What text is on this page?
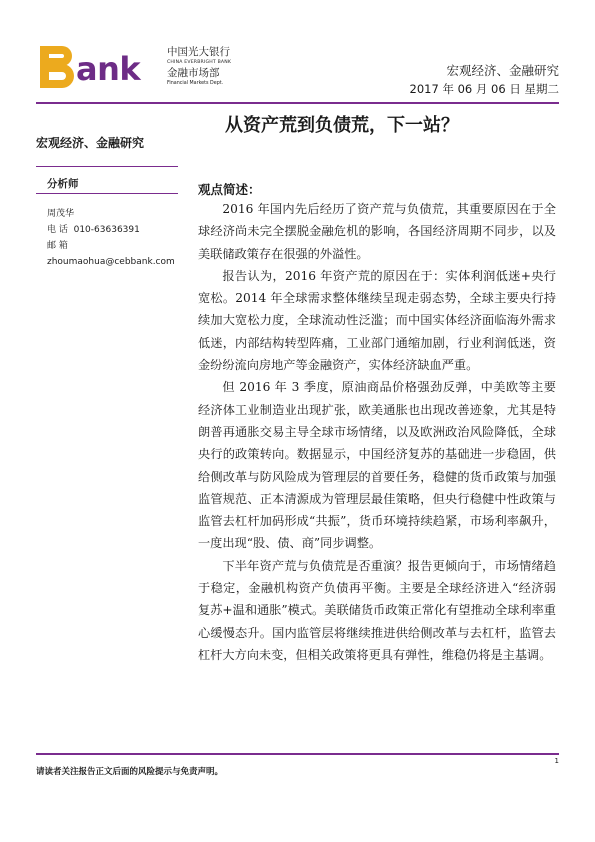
ank	中国光大银行
CHINA EVERBRIGHT BANK
金融市场部
Financial Markets Dept.
宏观经济、金融研究
2017 年 06 月 06 日 星期二
从资产荒到负债荒，下一站？
宏观经济、金融研究
分析师
周茂华
电 话 010-63636391
邮 箱
zhoumaohua@cebbank.com
观点简述：

2016 年国内先后经历了资产荒与负债荒，其重要原因在于全球经济尚未完全摆脱金融危机的影响，各国经济周期不同步，以及美联储政策存在很强的外溢性。

报告认为，2016 年资产荒的原因在于：实体利润低迷+央行宽松。2014 年全球需求整体继续呈现走弱态势，全球主要央行持续加大宽松力度，全球流动性泛滥；而中国实体经济面临海外需求低迷，内部结构转型阵痛，工业部门通缩加剧，行业利润低迷，资金纷纷流向房地产等金融资产，实体经济缺血严重。

但 2016 年 3 季度，原油商品价格强劲反弹，中美欧等主要经济体工业制造业出现扩张，欧美通胀也出现改善迹象，尤其是特朗普再通胀交易主导全球市场情绪，以及欧洲政治风险降低，全球央行的政策转向。数据显示，中国经济复苏的基础进一步稳固，供给侧改革与防风险成为管理层的首要任务，稳健的货币政策与加强监管规范、正本清源成为管理层最佳策略，但央行稳健中性政策与监管去杠杆加码形成“共振”，货币环境持续趋紧，市场利率飙升，一度出现“股、债、商”同步调整。

下半年资产荒与负债荒是否重演？报告更倾向于，市场情绪趋于稳定，金融机构资产负债再平衡。主要是全球经济进入“经济弱复苏+温和通胀”模式。美联储货币政策正常化有望推动全球利率重心缓慢态升。国内监管层将继续推进供给侧改革与去杠杆，监管去杠杆大方向未变，但相关政策将更具有弹性，维稳仍将是主基调。

1
请读者关注报告正文后面的风险提示与免责声明。
